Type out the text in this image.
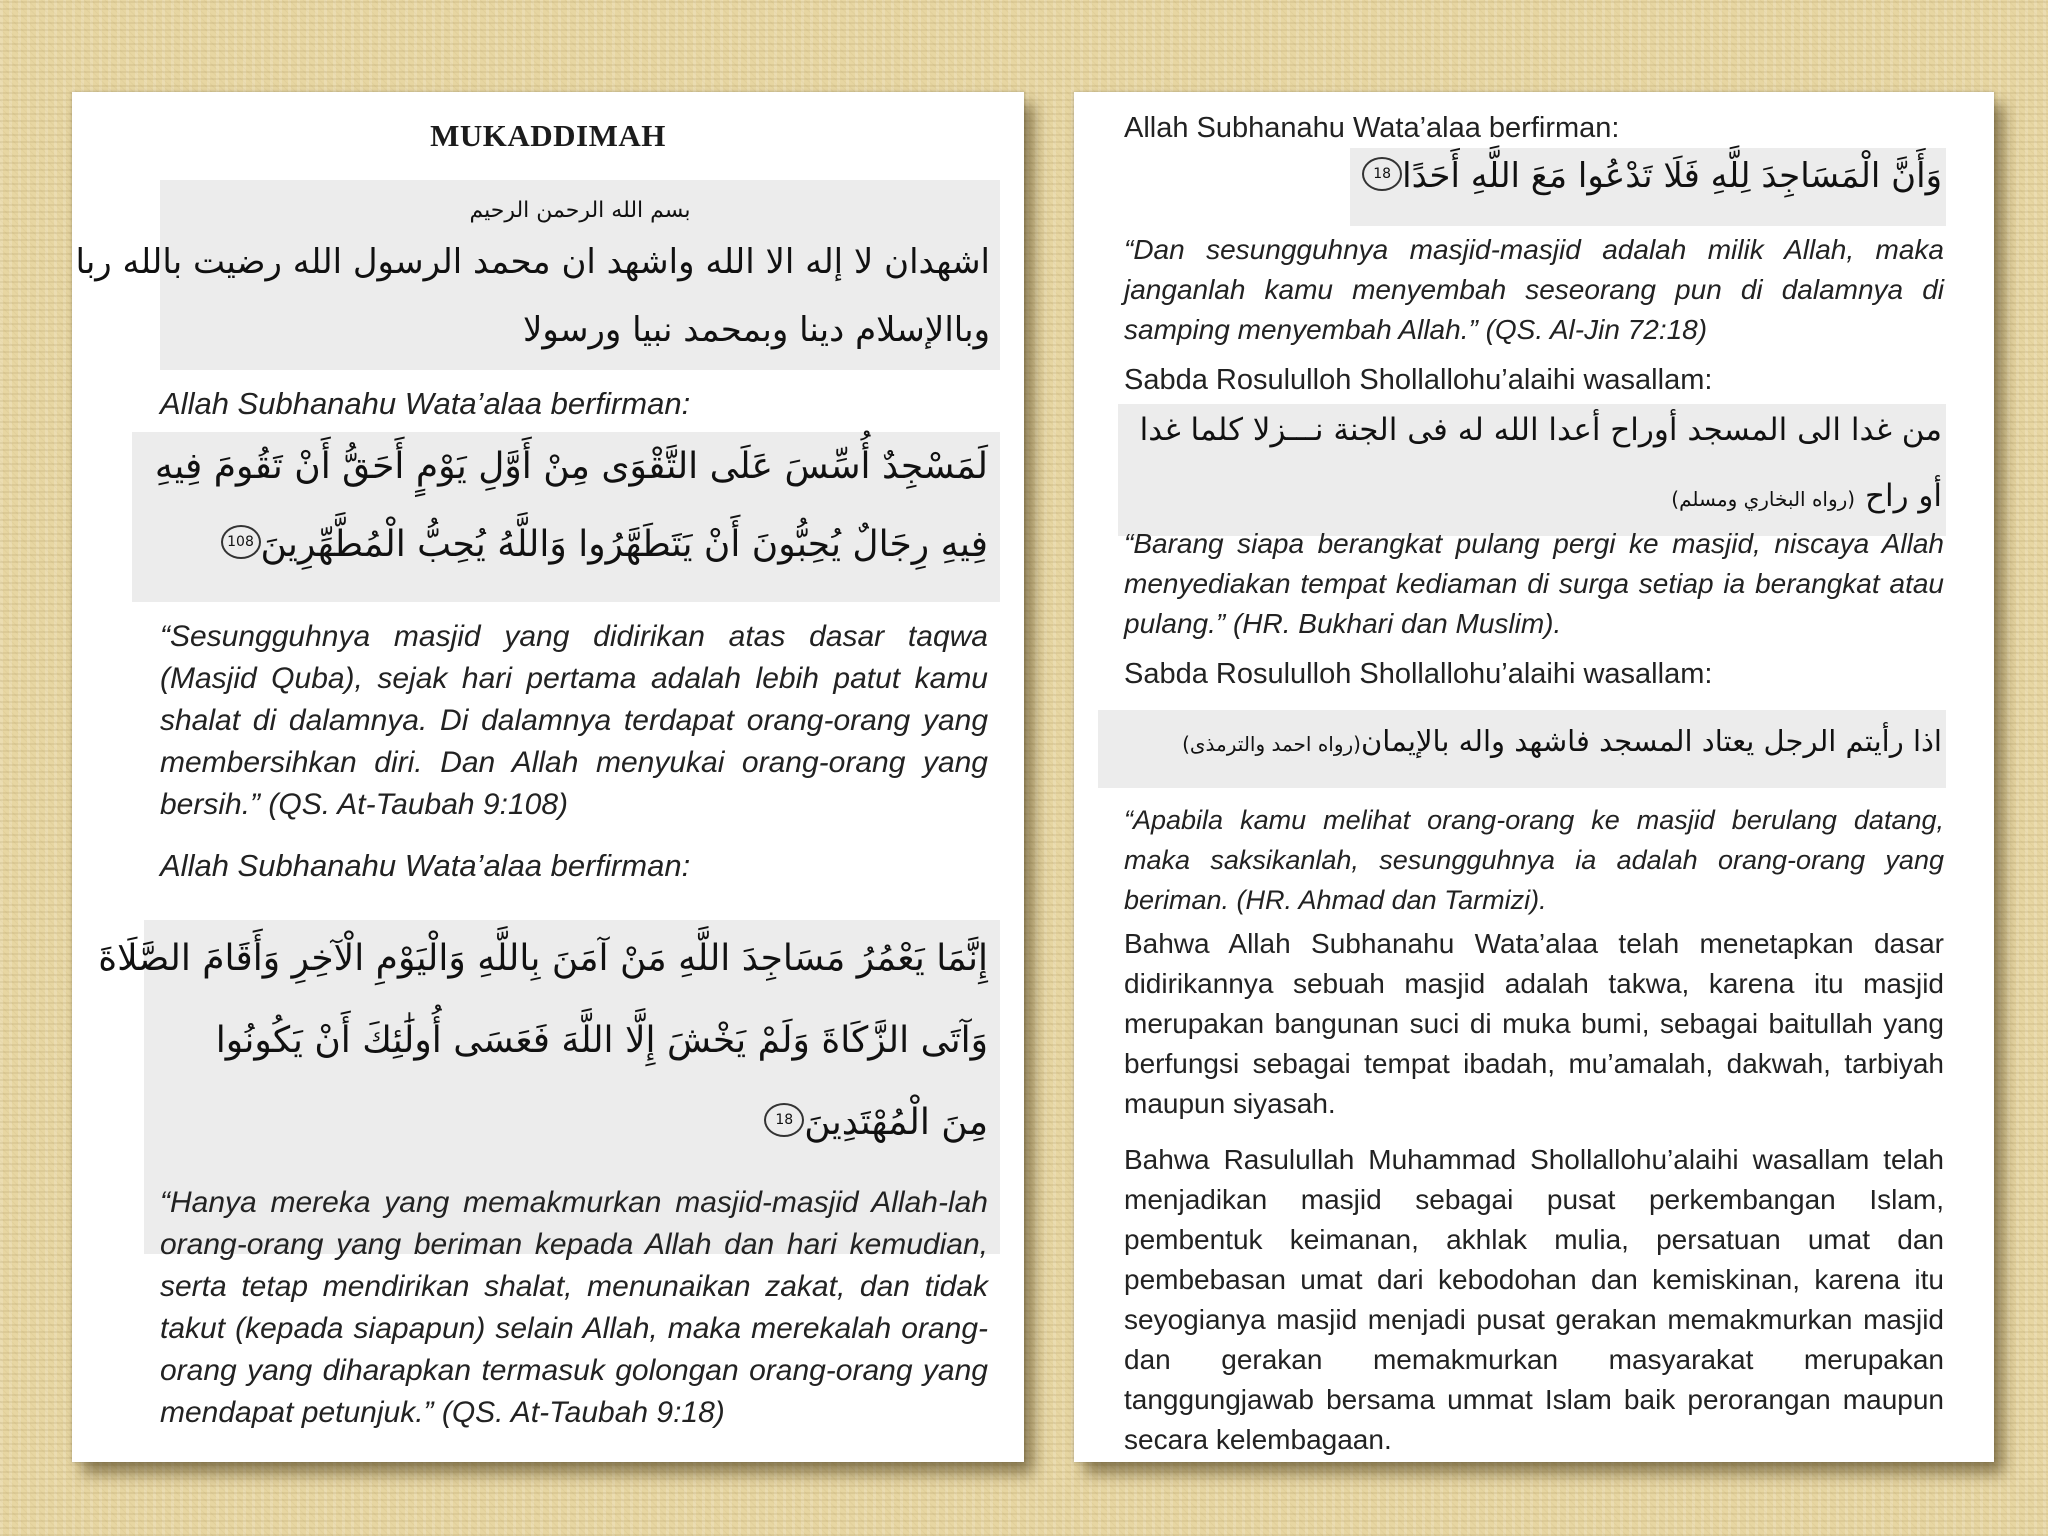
MUKADDIMAH
بسم الله الرحمن الرحيم
اشهدان لا إله الا الله واشهد ان محمد الرسول الله رضيت بالله ربا
وباالإسلام دينا وبمحمد نبيا ورسولا
Allah Subhanahu Wata’alaa berfirman:
لَمَسْجِدٌ أُسِّسَ عَلَى التَّقْوَى مِنْ أَوَّلِ يَوْمٍ أَحَقُّ أَنْ تَقُومَ فِيهِ
فِيهِ رِجَالٌ يُحِبُّونَ أَنْ يَتَطَهَّرُوا وَاللَّهُ يُحِبُّ الْمُطَّهِّرِينَ108
“Sesungguhnya masjid yang didirikan atas dasar taqwa (Masjid Quba), sejak hari pertama adalah lebih patut kamu shalat di dalamnya. Di dalamnya terdapat orang-orang yang membersihkan diri. Dan Allah menyukai orang-orang yang bersih.” (QS. At-Taubah 9:108)
Allah Subhanahu Wata’alaa berfirman:
إِنَّمَا يَعْمُرُ مَسَاجِدَ اللَّهِ مَنْ آمَنَ بِاللَّهِ وَالْيَوْمِ الْآخِرِ وَأَقَامَ الصَّلَاةَ
وَآتَى الزَّكَاةَ وَلَمْ يَخْشَ إِلَّا اللَّهَ فَعَسَى أُولَٰئِكَ أَنْ يَكُونُوا
مِنَ الْمُهْتَدِينَ18
“Hanya mereka yang memakmurkan masjid-masjid Allah-lah orang-orang yang beriman kepada Allah dan hari kemudian, serta tetap mendirikan shalat, menunaikan zakat, dan tidak takut (kepada siapapun) selain Allah, maka merekalah orang-orang yang diharapkan termasuk golongan orang-orang yang mendapat petunjuk.” (QS. At-Taubah 9:18)
Allah Subhanahu Wata’alaa berfirman:
وَأَنَّ الْمَسَاجِدَ لِلَّهِ فَلَا تَدْعُوا مَعَ اللَّهِ أَحَدًا18
“Dan sesungguhnya masjid-masjid adalah milik Allah, maka janganlah kamu menyembah seseorang pun di dalamnya di samping menyembah Allah.” (QS. Al-Jin 72:18)
Sabda Rosululloh Shollallohu’alaihi wasallam:
من غدا الى المسجد أوراح أعدا الله له فى الجنة نـــزلا كلما غدا
أو راح (رواه البخاري ومسلم)
“Barang siapa berangkat pulang pergi ke masjid, niscaya Allah menyediakan tempat kediaman di surga setiap ia berangkat atau pulang.” (HR. Bukhari dan Muslim).
Sabda Rosululloh Shollallohu’alaihi wasallam:
اذا رأيتم الرجل يعتاد المسجد فاشهد واله بالإيمان(رواه احمد والترمذى)
“Apabila kamu melihat orang-orang ke masjid berulang datang, maka saksikanlah, sesungguhnya ia adalah orang-orang yang beriman. (HR. Ahmad dan Tarmizi).
Bahwa Allah Subhanahu Wata’alaa telah menetapkan dasar didirikannya sebuah masjid adalah takwa, karena itu masjid merupakan bangunan suci di muka bumi, sebagai baitullah yang berfungsi sebagai tempat ibadah, mu’amalah, dakwah, tarbiyah maupun siyasah.
Bahwa Rasulullah Muhammad Shollallohu’alaihi wasallam telah menjadikan masjid sebagai pusat perkembangan Islam, pembentuk keimanan, akhlak mulia, persatuan umat dan pembebasan umat dari kebodohan dan kemiskinan, karena itu seyogianya masjid menjadi pusat gerakan memakmurkan masjid dan gerakan memakmurkan masyarakat merupakan tanggungjawab bersama ummat Islam baik perorangan maupun secara kelembagaan.
